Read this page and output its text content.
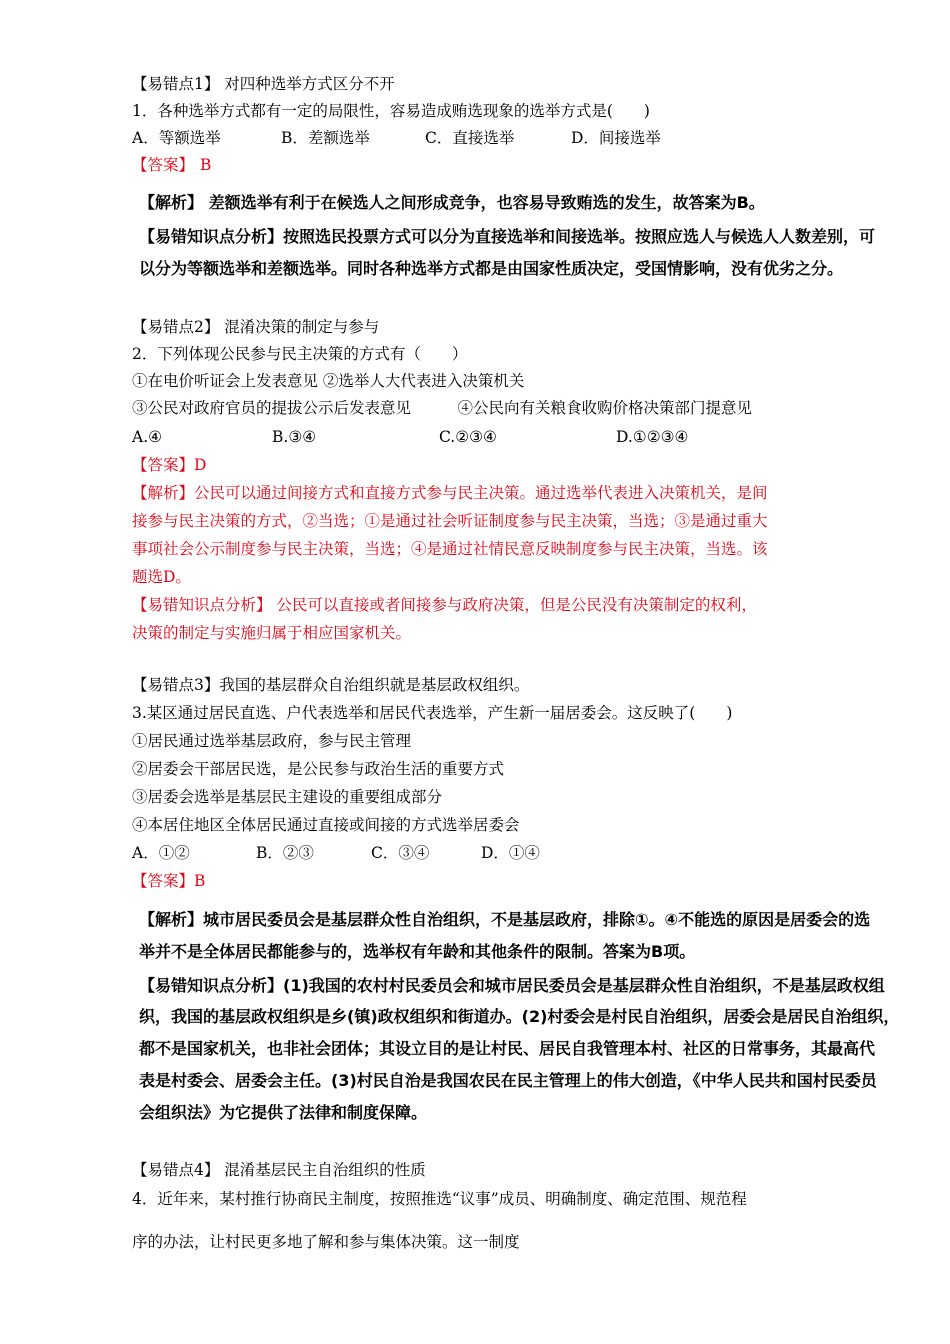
【易错点1】 对四种选举方式区分不开
1．各种选举方式都有一定的局限性，容易造成贿选现象的选举方式是(　　)
A．等额选举	B．差额选举	C．直接选举	D．间接选举
【答案】 B
【解析】 差额选举有利于在候选人之间形成竞争，也容易导致贿选的发生，故答案为B。
【易错知识点分析】按照选民投票方式可以分为直接选举和间接选举。按照应选人与候选人人数差别，可
以分为等额选举和差额选举。同时各种选举方式都是由国家性质决定，受国情影响，没有优劣之分。
【易错点2】 混淆决策的制定与参与
2．下列体现公民参与民主决策的方式有（　　）
①在电价听证会上发表意见 ②选举人大代表进入决策机关
③公民对政府官员的提拔公示后发表意见　　　④公民向有关粮食收购价格决策部门提意见
A.④	B.③④	C.②③④	D.①②③④
【答案】D
【解析】公民可以通过间接方式和直接方式参与民主决策。通过选举代表进入决策机关，是间
接参与民主决策的方式，②当选；①是通过社会听证制度参与民主决策，当选；③是通过重大
事项社会公示制度参与民主决策，当选；④是通过社情民意反映制度参与民主决策，当选。该
题选D。
【易错知识点分析】 公民可以直接或者间接参与政府决策，但是公民没有决策制定的权利，
决策的制定与实施归属于相应国家机关。
【易错点3】我国的基层群众自治组织就是基层政权组织。
3.某区通过居民直选、户代表选举和居民代表选举，产生新一届居委会。这反映了(　　)
①居民通过选举基层政府，参与民主管理
②居委会干部居民选，是公民参与政治生活的重要方式
③居委会选举是基层民主建设的重要组成部分
④本居住地区全体居民通过直接或间接的方式选举居委会
A．①②	B．②③	C．③④	D．①④
【答案】B
【解析】城市居民委员会是基层群众性自治组织，不是基层政府，排除①。④不能选的原因是居委会的选
举并不是全体居民都能参与的，选举权有年龄和其他条件的限制。答案为B项。
【易错知识点分析】(1)我国的农村村民委员会和城市居民委员会是基层群众性自治组织，不是基层政权组
织，我国的基层政权组织是乡(镇)政权组织和街道办。(2)村委会是村民自治组织，居委会是居民自治组织，
都不是国家机关，也非社会团体；其设立目的是让村民、居民自我管理本村、社区的日常事务，其最高代
表是村委会、居委会主任。(3)村民自治是我国农民在民主管理上的伟大创造，《中华人民共和国村民委员
会组织法》为它提供了法律和制度保障。
【易错点4】 混淆基层民主自治组织的性质
4．近年来，某村推行协商民主制度，按照推选“议事”成员、明确制度、确定范围、规范程
序的办法，让村民更多地了解和参与集体决策。这一制度
